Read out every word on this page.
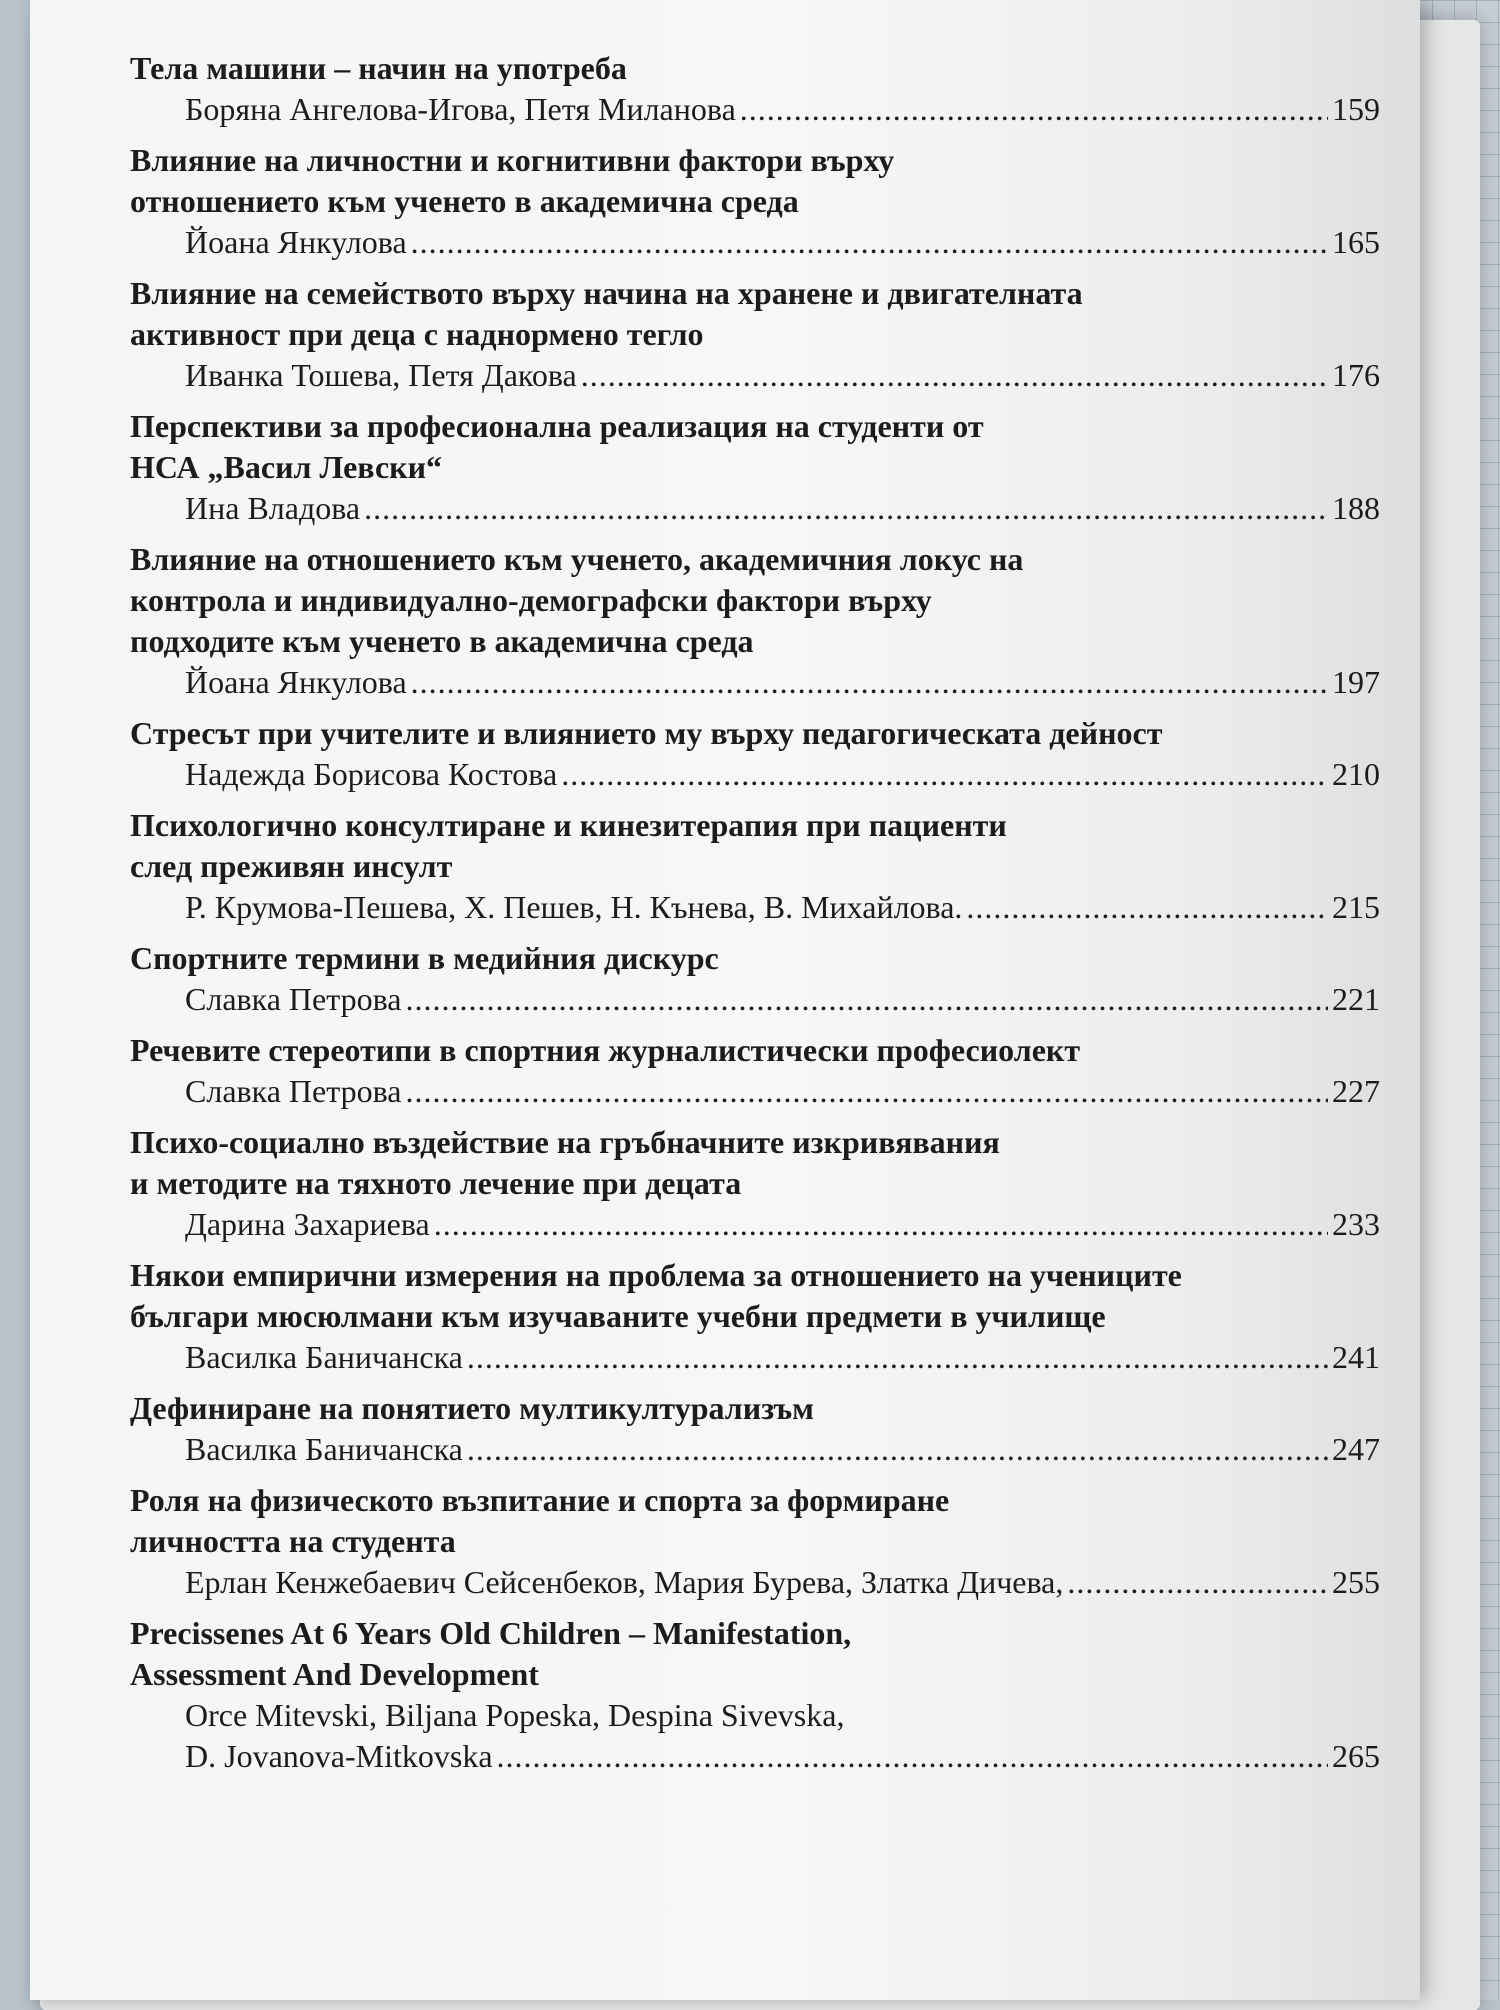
Тела машини – начин на употреба
Боряна Ангелова-Игова, Петя Миланова .....	159
Влияние на личностни и когнитивни фактори върху
отношението към ученето в академична среда
Йоана Янкулова .....	165
Влияние на семейството върху начина на хранене и двигателната
активност при деца с наднормено тегло
Иванка Тошева, Петя Дакова .....	176
Перспективи за професионална реализация на студенти от
НСА „Васил Левски“
Ина Владова .....	188
Влияние на отношението към ученето, академичния локус на
контрола и индивидуално-демографски фактори върху
подходите към ученето в академична среда
Йоана Янкулова .....	197
Стресът при учителите и влиянието му върху педагогическата дейност
Надежда Борисова Костова .....	210
Психологично консултиране и кинезитерапия при пациенти
след преживян инсулт
Р. Крумова-Пешева, Х. Пешев, Н. Кънева, В. Михайлова. .....	215
Спортните термини в медийния дискурс
Славка Петрова .....	221
Речевите стереотипи в спортния журналистически професиолект
Славка Петрова .....	227
Психо-социално въздействие на гръбначните изкривявания
и методите на тяхното лечение при децата
Дарина Захариева .....	233
Някои емпирични измерения на проблема за отношението на учениците
българи мюсюлмани към изучаваните учебни предмети в училище
Василка Баничанска .....	241
Дефиниране на понятието мултикултурализъм
Василка Баничанска .....	247
Роля на физическото възпитание и спорта за формиране
личността на студента
Ерлан Кенжебаевич Сейсенбеков, Мария Бурева, Златка Дичева, .....	255
Precissenes At 6 Years Old Children – Manifestation,
Assessment And Development
Orce Mitevski, Biljana Popeska, Despina Sivevska,
D. Jovanova-Mitkovska .....	265
